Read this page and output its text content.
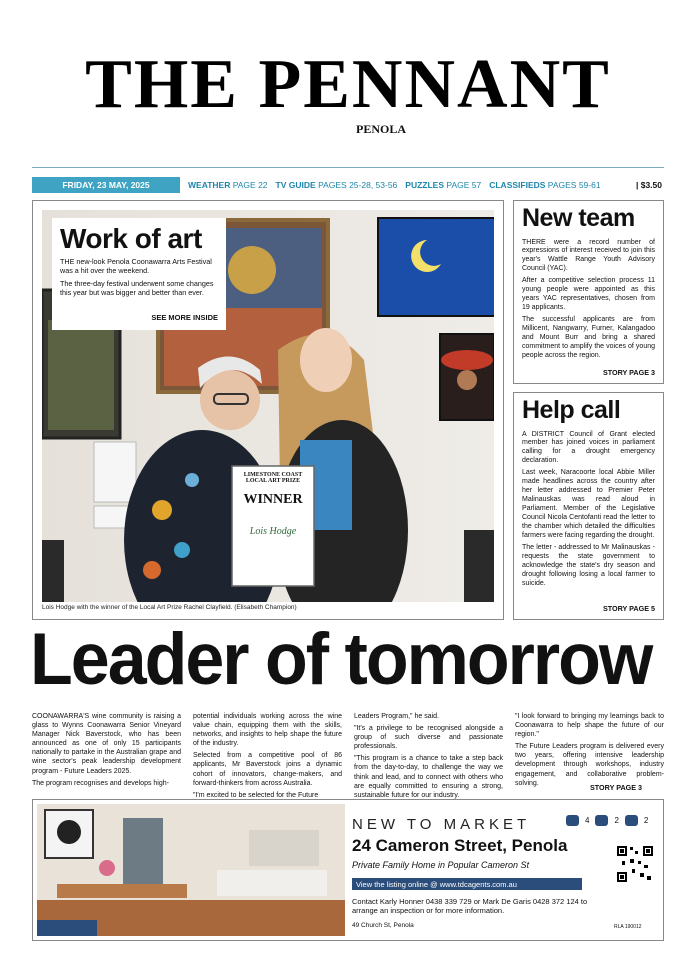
THE PENNANT
PENOLA
FRIDAY, 23 MAY, 2025	WEATHER PAGE 22 TV GUIDE PAGES 25-28, 53-56 PUZZLES PAGE 57 CLASSIFIEDS PAGES 59-61	| $3.50
LIMESTONE COAST
LOCAL ART PRIZE
WINNER
Lois Hodge
Lois Hodge with the winner of the Local Art Prize Rachel Clayfield. (Elisabeth Champion)
Work of art

THE new-look Penola Coonawarra Arts Festival was a hit over the weekend.

The three-day festival underwent some changes this year but was bigger and better than ever.

SEE MORE INSIDE
New team

THERE were a record number of expressions of interest received to join this year's Wattle Range Youth Advisory Council (YAC).

After a competitive selection process 11 young people were appointed as this years YAC representatives, chosen from 19 applicants.

The successful applicants are from Millicent, Nangwarry, Furner, Kalangadoo and Mount Burr and bring a shared commitment to amplify the voices of young people across the region.

STORY PAGE 3
Help call

A DISTRICT Council of Grant elected member has joined voices in parliament calling for a drought emergency declaration.

Last week, Naracoorte local Abbie Miller made headlines across the country after her letter addressed to Premier Peter Malinauskas was read aloud in Parliament. Member of the Legislative Council Nicola Centofanti read the letter to the chamber which detailed the difficulties farmers were facing regarding the drought.

The letter - addressed to Mr Malinauskas - requests the state government to acknowledge the state's dry season and drought following losing a local farmer to suicide.

STORY PAGE 5
Leader of tomorrow

COONAWARRA'S wine community is raising a glass to Wynns Coonawarra Senior Vineyard Manager Nick Baverstock, who has been announced as one of only 15 participants nationally to partake in the Australian grape and wine sector's peak leadership development program - Future Leaders 2025.

The program recognises and develops high-

potential individuals working across the wine value chain, equipping them with the skills, networks, and insights to help shape the future of the industry.

Selected from a competitive pool of 86 applicants, Mr Baverstock joins a dynamic cohort of innovators, change-makers, and forward-thinkers from across Australia.

"I'm excited to be selected for the Future

Leaders Program," he said.

"It's a privilege to be recognised alongside a group of such diverse and passionate professionals.

"This program is a chance to take a step back from the day-to-day, to challenge the way we think and lead, and to connect with others who are equally committed to ensuring a strong, sustainable future for our industry.

"I look forward to bringing my learnings back to Coonawarra to help shape the future of our region."

The Future Leaders program is delivered every two years, offering intensive leadership development through workshops, industry engagement, and collaborative problem-solving.	STORY PAGE 3
NEW TO MARKET
24 Cameron Street, Penola
Private Family Home in Popular Cameron St
View the listing online @ www.tdcagents.com.au
Contact Karly Honner 0438 339 729 or Mark De Garis 0428 372 124 to arrange an inspection or for more information.
49 Church St, Penola
4	2	2
RLA 190012
